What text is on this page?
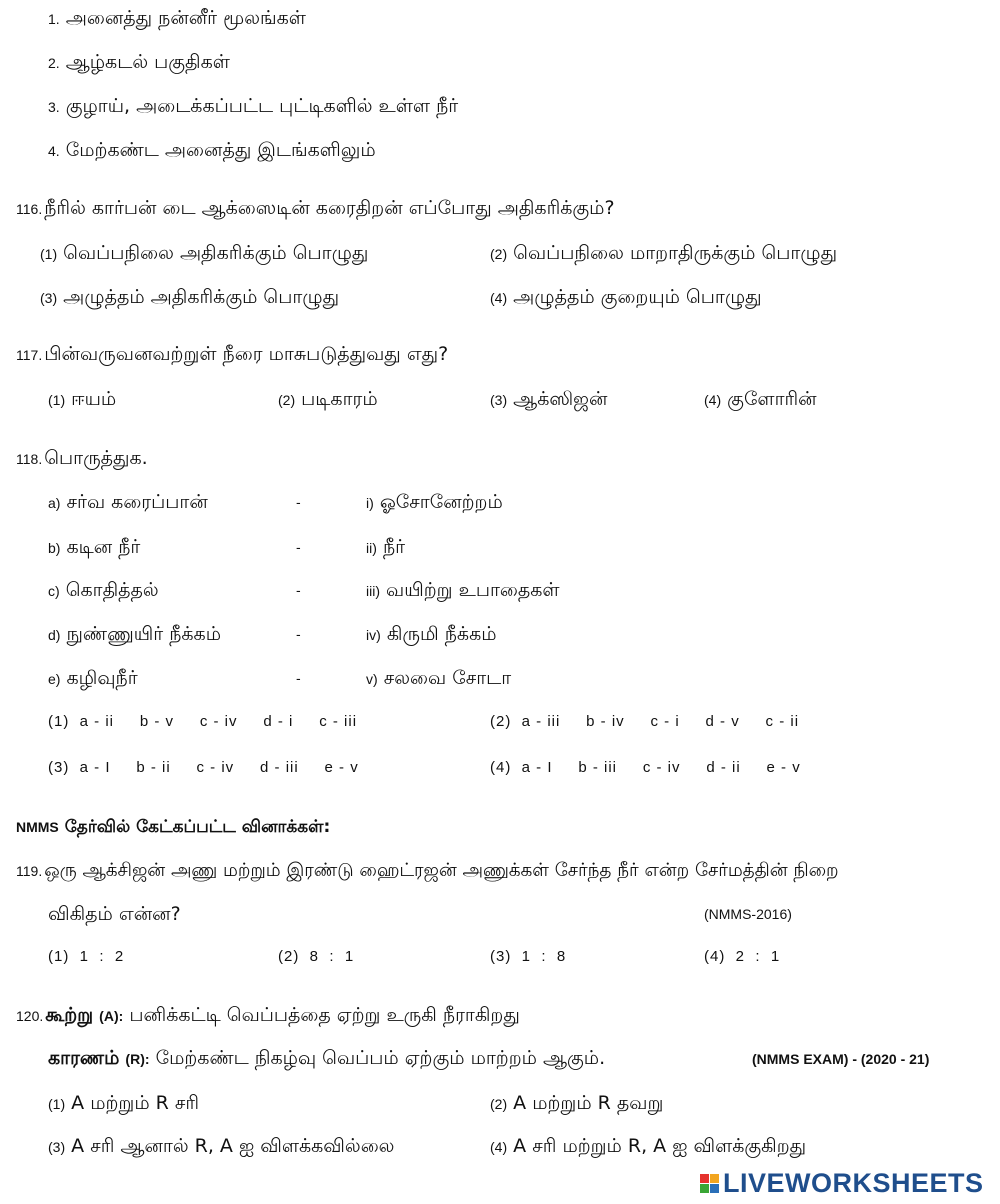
1. அனைத்து நன்னீர் மூலங்கள்
2. ஆழ்கடல் பகுதிகள்
3. குழாய், அடைக்கப்பட்ட புட்டிகளில் உள்ள நீர்
4. மேற்கண்ட அனைத்து இடங்களிலும்
116. நீரில் கார்பன் டை ஆக்ஸைடின் கரைதிறன் எப்போது அதிகரிக்கும்?
(1) வெப்பநிலை அதிகரிக்கும் பொழுது	(2) வெப்பநிலை மாறாதிருக்கும் பொழுது
(3) அழுத்தம் அதிகரிக்கும் பொழுது	(4) அழுத்தம் குறையும் பொழுது
117. பின்வருவனவற்றுள் நீரை மாசுபடுத்துவது எது?
(1) ஈயம்	(2) படிகாரம்	(3) ஆக்ஸிஜன்	(4) குளோரின்
118. பொருத்துக.
a) சர்வ கரைப்பான்	-	i) ஓசோனேற்றம்
b) கடின நீர்	-	ii) நீர்
c) கொதித்தல்	-	iii) வயிற்று உபாதைகள்
d) நுண்ணுயிர் நீக்கம்	-	iv) கிருமி நீக்கம்
e) கழிவுநீர்	-	v) சலவை சோடா
(1)  a - ii     b - v     c - iv     d - i     c - iii	(2)  a - iii     b - iv     c - i     d - v     c - ii
(3)  a - I     b - ii     c - iv     d - iii     e - v	(4)  a - I     b - iii     c - iv     d - ii     e - v
NMMS தேர்வில் கேட்கப்பட்ட வினாக்கள்:
119. ஒரு ஆக்சிஜன் அணு மற்றும் இரண்டு ஹைட்ரஜன் அணுக்கள் சேர்ந்த நீர் என்ற சேர்மத்தின் நிறை
விகிதம் என்ன?	(NMMS-2016)
(1)  1  :  2	(2)  8  :  1	(3)  1  :  8	(4)  2  :  1
120. கூற்று (A): பனிக்கட்டி வெப்பத்தை ஏற்று உருகி நீராகிறது
காரணம் (R): மேற்கண்ட நிகழ்வு வெப்பம் ஏற்கும் மாற்றம் ஆகும்.	(NMMS EXAM) - (2020 - 21)
(1) A மற்றும் R சரி	(2) A மற்றும் R தவறு
(3) A சரி ஆனால் R, A ஐ விளக்கவில்லை	(4) A சரி மற்றும் R, A ஐ விளக்குகிறது
LIVEWORKSHEETS
